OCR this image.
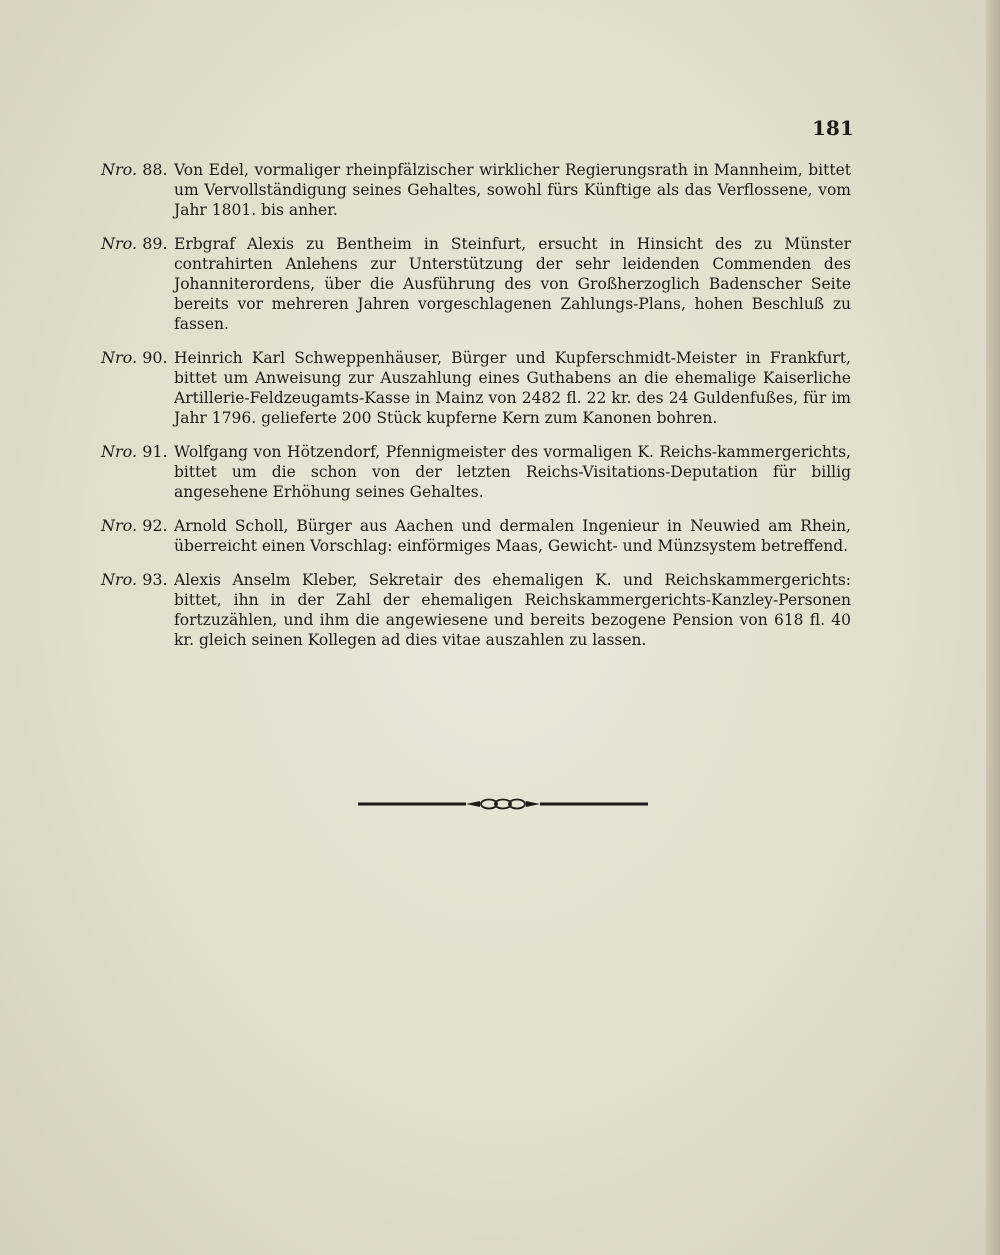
181
Nro. 88. Von Edel, vormaliger rheinpfälzischer wirklicher Regierungsrath in Mannheim, bittet um Vervollständigung seines Gehaltes, sowohl fürs Künftige als das Verflossene, vom Jahr 1801. bis anher.

Nro. 89. Erbgraf Alexis zu Bentheim in Steinfurt, ersucht in Hinsicht des zu Münster contrahirten Anlehens zur Unterstützung der sehr leidenden Commenden des Johanniterordens, über die Ausführung des von Großherzoglich Badenscher Seite bereits vor mehreren Jahren vorgeschlagenen Zahlungs-Plans, hohen Beschluß zu fassen.

Nro. 90. Heinrich Karl Schweppenhäuser, Bürger und Kupferschmidt-Meister in Frankfurt, bittet um Anweisung zur Auszahlung eines Guthabens an die ehemalige Kaiserliche Artillerie-Feldzeugamts-Kasse in Mainz von 2482 fl. 22 kr. des 24 Guldenfußes, für im Jahr 1796. gelieferte 200 Stück kupferne Kern zum Kanonen bohren.

Nro. 91. Wolfgang von Hötzendorf, Pfennigmeister des vormaligen K. Reichs-kammergerichts, bittet um die schon von der letzten Reichs-Visitations-Deputation für billig angesehene Erhöhung seines Gehaltes.

Nro. 92. Arnold Scholl, Bürger aus Aachen und dermalen Ingenieur in Neuwied am Rhein, überreicht einen Vorschlag: einförmiges Maas, Gewicht- und Münzsystem betreffend.

Nro. 93. Alexis Anselm Kleber, Sekretair des ehemaligen K. und Reichskammergerichts: bittet, ihn in der Zahl der ehemaligen Reichskammergerichts-Kanzley-Personen fortzuzählen, und ihm die angewiesene und bereits bezogene Pension von 618 fl. 40 kr. gleich seinen Kollegen ad dies vitae auszahlen zu lassen.
